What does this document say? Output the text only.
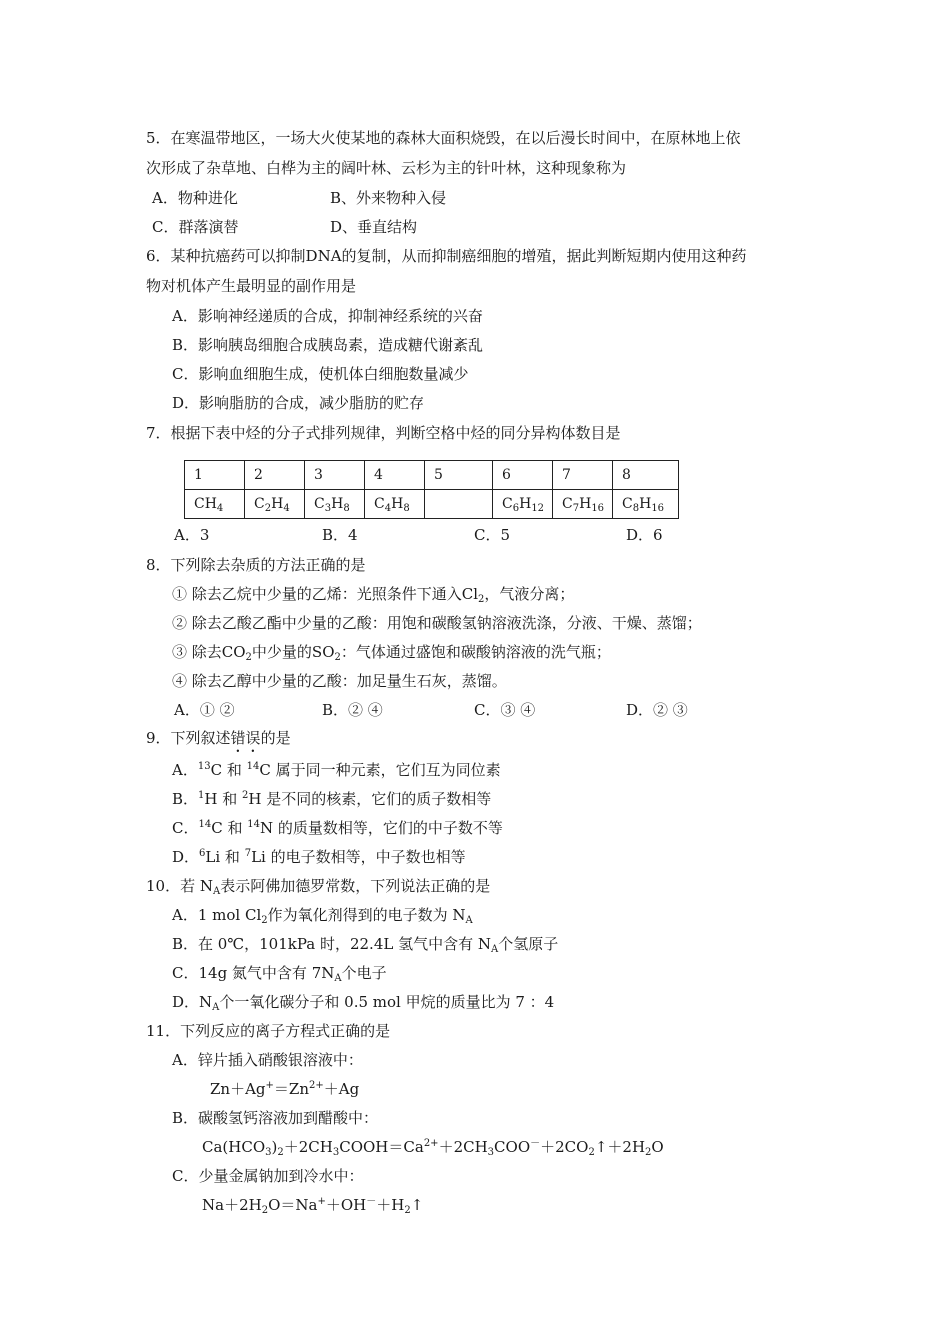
5．在寒温带地区，一场大火使某地的森林大面积烧毁，在以后漫长时间中，在原林地上依
次形成了杂草地、白桦为主的阔叶林、云杉为主的针叶林，这种现象称为
A．物种进化	B、外来物种入侵
C．群落演替	D、垂直结构
6．某种抗癌药可以抑制DNA的复制，从而抑制癌细胞的增殖，据此判断短期内使用这种药
物对机体产生最明显的副作用是
A．影响神经递质的合成，抑制神经系统的兴奋
B．影响胰岛细胞合成胰岛素，造成糖代谢紊乱
C．影响血细胞生成，使机体白细胞数量减少
D．影响脂肪的合成，减少脂肪的贮存
7．根据下表中烃的分子式排列规律，判断空格中烃的同分异构体数目是
1	2	3	4	5	6	7	8
$CH_4$	$C_2H_4$	$C_3H_8$	$C_4H_8$		$C_6H_{12}$	$C_7H_{16}$	$C_8H_{16}$
A．3	B．4	C．5	D．6
8．下列除去杂质的方法正确的是
① 除去乙烷中少量的乙烯：光照条件下通入$Cl_2$，气液分离；
② 除去乙酸乙酯中少量的乙酸：用饱和碳酸氢钠溶液洗涤，分液、干燥、蒸馏；
③ 除去$CO_2$中少量的$SO_2$：气体通过盛饱和碳酸钠溶液的洗气瓶；
④ 除去乙醇中少量的乙酸：加足量生石灰，蒸馏。
A．① ②	B．② ④	C．③ ④	D．② ③
9．下列叙述错误的是
A．$^{13}$C 和 $^{14}$C 属于同一种元素，它们互为同位素
B．$^1$H 和 $^2$H 是不同的核素，它们的质子数相等
C．$^{14}$C 和 $^{14}$N 的质量数相等，它们的中子数不等
D．$^6$Li 和 $^7$Li 的电子数相等，中子数也相等
10．若 $N_A$表示阿佛加德罗常数，下列说法正确的是
A．1 mol $Cl_2$作为氧化剂得到的电子数为 $N_A$
B．在 0℃，101kPa 时，22.4L 氢气中含有 $N_A$个氢原子
C．14g 氮气中含有 $7N_A$个电子
D．$N_A$个一氧化碳分子和 0.5 mol 甲烷的质量比为 7 ：4
11．下列反应的离子方程式正确的是
A．锌片插入硝酸银溶液中：
$Zn+Ag^+=Zn^{2+}+Ag$
B．碳酸氢钙溶液加到醋酸中：
$Ca(HCO_3)_2+2CH_3COOH=Ca^{2+}+2CH_3COO^-+2CO_2↑+2H_2O$
C．少量金属钠加到冷水中：
$Na+2H_2O=Na^++OH^-+H_2↑$
